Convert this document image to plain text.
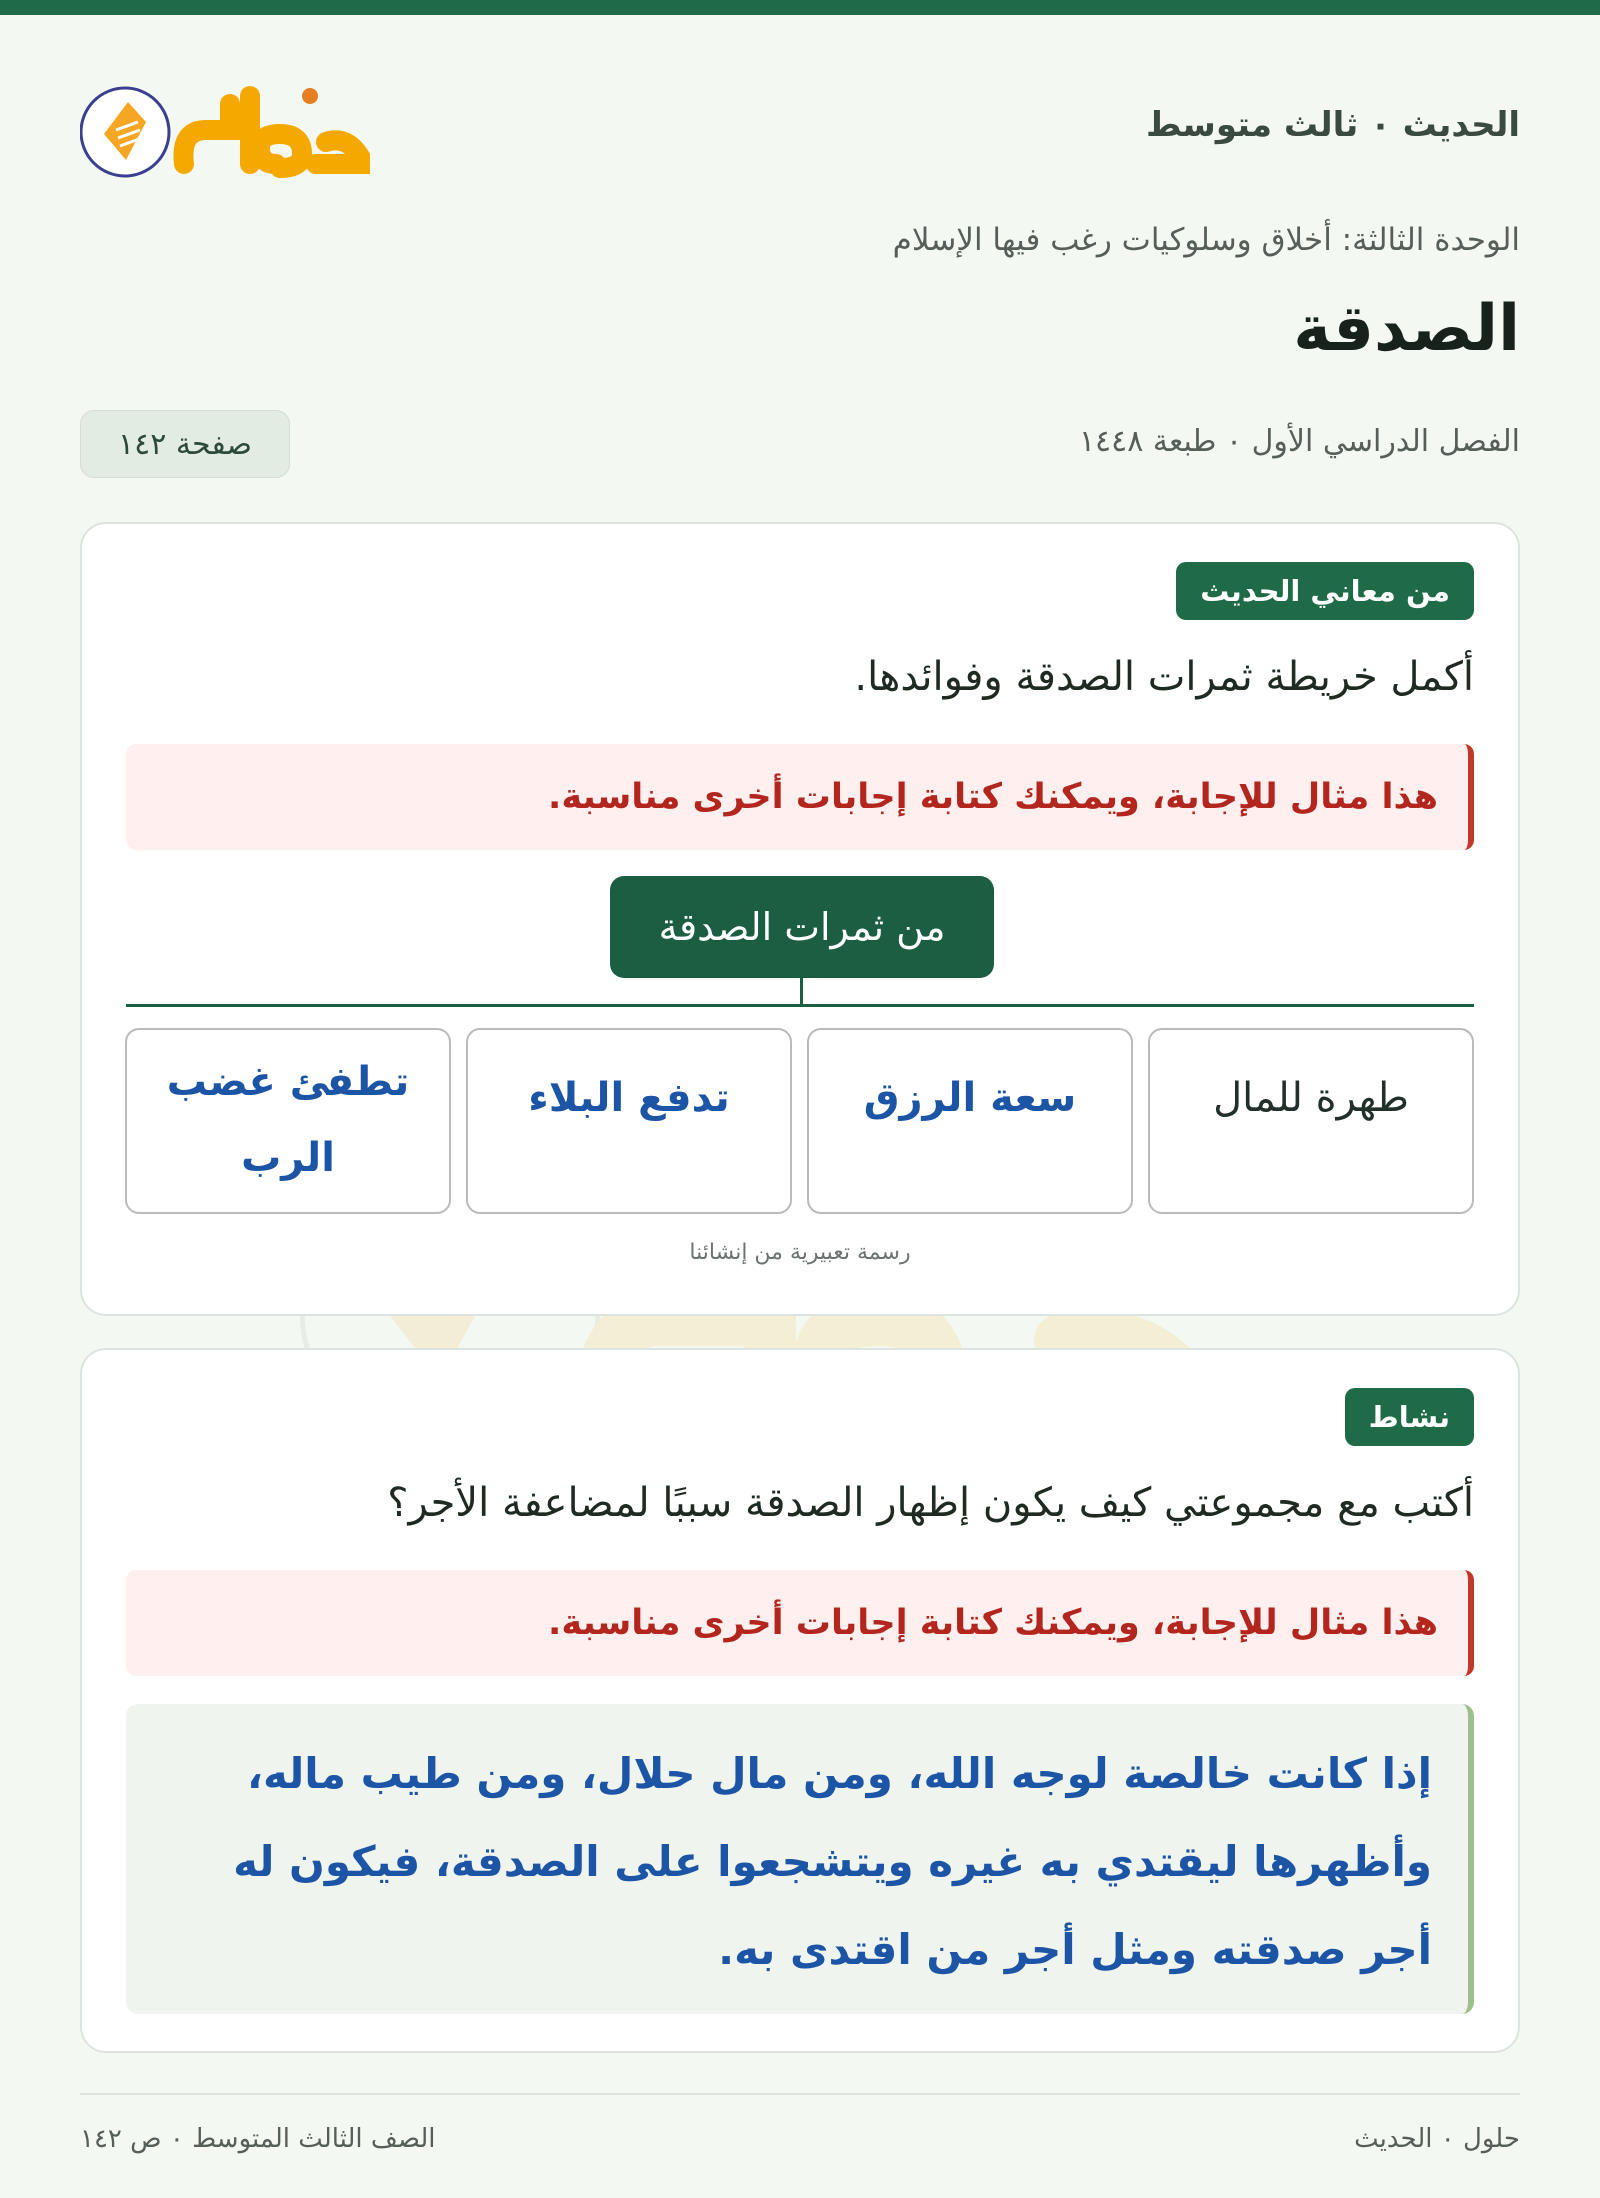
الحديث ٠ ثالث متوسط
الوحدة الثالثة: أخلاق وسلوكيات رغب فيها الإسلام
الصدقة
الفصل الدراسي الأول ٠ طبعة ١٤٤٨
صفحة ١٤٢
من معاني الحديث
أكمل خريطة ثمرات الصدقة وفوائدها.
هذا مثال للإجابة، ويمكنك كتابة إجابات أخرى مناسبة.
من ثمرات الصدقة
طهرة للمال
سعة الرزق
تدفع البلاء
تطفئ غضب الرب
رسمة تعبيرية من إنشائنا
نشاط
أكتب مع مجموعتي كيف يكون إظهار الصدقة سببًا لمضاعفة الأجر؟
هذا مثال للإجابة، ويمكنك كتابة إجابات أخرى مناسبة.
إذا كانت خالصة لوجه الله، ومن مال حلال، ومن طيب ماله، وأظهرها ليقتدي به غيره ويتشجعوا على الصدقة، فيكون له أجر صدقته ومثل أجر من اقتدى به.
حلول ٠ الحديث
الصف الثالث المتوسط ٠ ص ١٤٢
